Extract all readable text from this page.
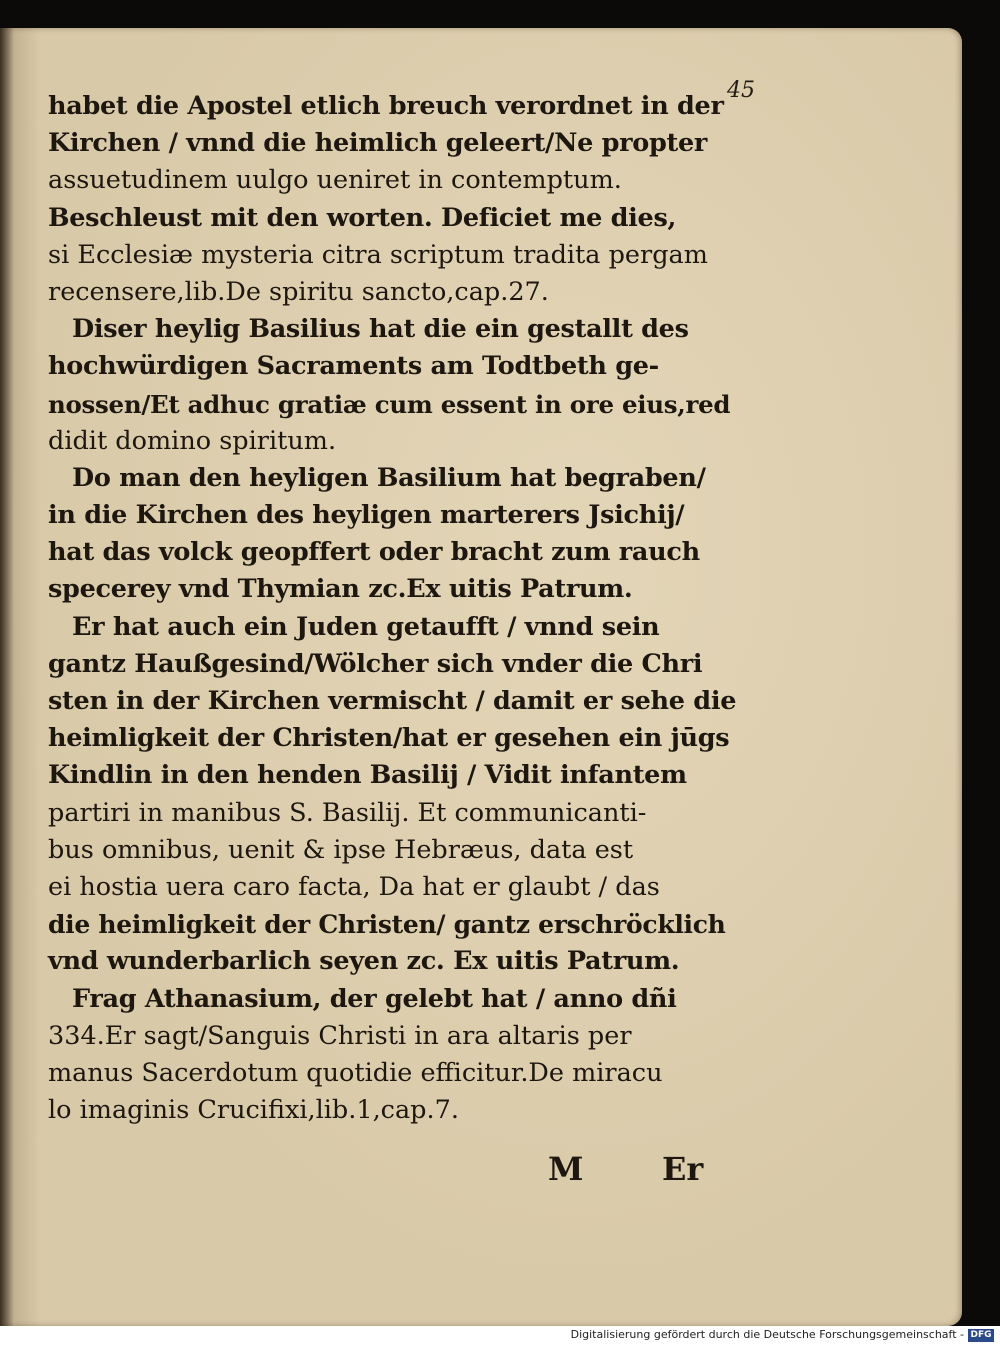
45
habet die Apostel etlich breuch verordnet in der
Kirchen / vnnd die heimlich geleert/Ne propter
assuetudinem uulgo ueniret in contemptum.
Beschleust mit den worten. Deficiet me dies,
si Ecclesiæ mysteria citra scriptum tradita pergam
recensere,lib.De spiritu sancto,cap.27.
Diser heylig Basilius hat die ein gestallt des
hochwürdigen Sacraments am Todtbeth ge-
nossen/Et adhuc gratiæ cum essent in ore eius,red
didit domino spiritum.
Do man den heyligen Basilium hat begraben/
in die Kirchen des heyligen marterers Jsichij/
hat das volck geopffert oder bracht zum rauch
specerey vnd Thymian zc.Ex uitis Patrum.
Er hat auch ein Juden getaufft / vnnd sein
gantz Haußgesind/Wölcher sich vnder die Chri
sten in der Kirchen vermischt / damit er sehe die
heimligkeit der Christen/hat er gesehen ein jūgs
Kindlin in den henden Basilij / Vidit infantem
partiri in manibus S. Basilij. Et communicanti-
bus omnibus, uenit & ipse Hebræus, data est
ei hostia uera caro facta, Da hat er glaubt / das
die heimligkeit der Christen/ gantz erschröcklich
vnd wunderbarlich seyen zc. Ex uitis Patrum.
Frag Athanasium, der gelebt hat / anno dñi
334.Er sagt/Sanguis Christi in ara altaris per
manus Sacerdotum quotidie efficitur.De miracu
lo imaginis Crucifixi,lib.1,cap.7.
M Er
Digitalisierung gefördert durch die Deutsche Forschungsgemeinschaft - DFG
